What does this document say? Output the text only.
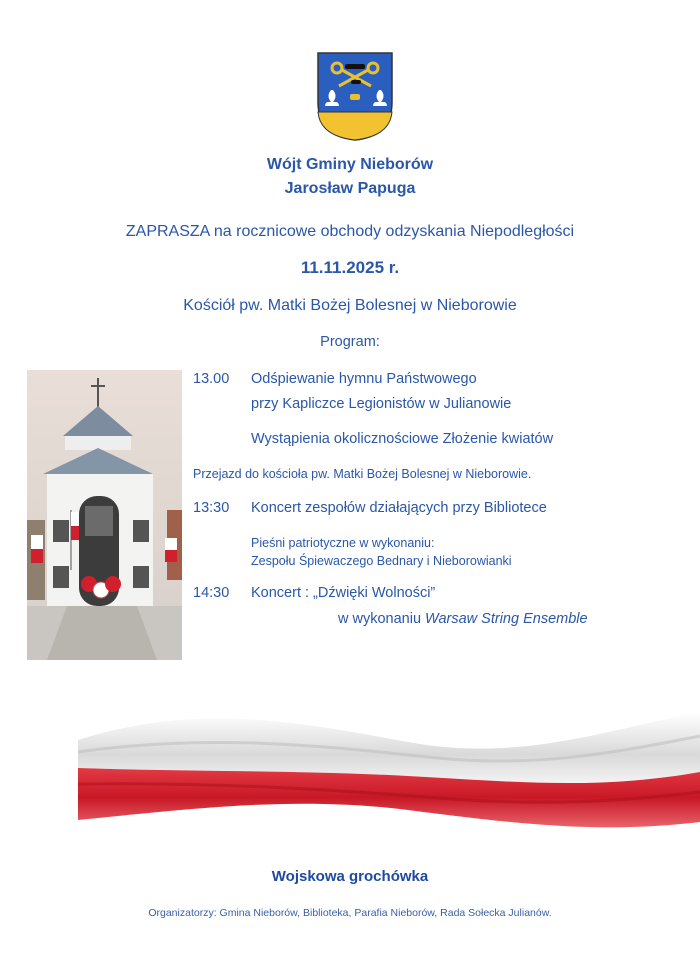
Wójt Gminy Nieborów
Jarosław Papuga
ZAPRASZA na rocznicowe obchody odzyskania Niepodległości
11.11.2025 r.
Kościół pw. Matki Bożej Bolesnej w Nieborowie
Program:
13.00	Odśpiewanie hymnu Państwowego
przy Kapliczce Legionistów w Julianowie
Wystąpienia okolicznościowe Złożenie kwiatów
Przejazd do kościoła pw. Matki Bożej Bolesnej w Nieborowie.
13:30	Koncert zespołów działających przy Bibliotece
Pieśni patriotyczne w wykonaniu:
Zespołu Śpiewaczego Bednary i Nieborowianki
14:30	Koncert : „Dźwięki Wolności”
w wykonaniu Warsaw String Ensemble
Wojskowa grochówka
Organizatorzy: Gmina Nieborów, Biblioteka, Parafia Nieborów, Rada Sołecka Julianów.
